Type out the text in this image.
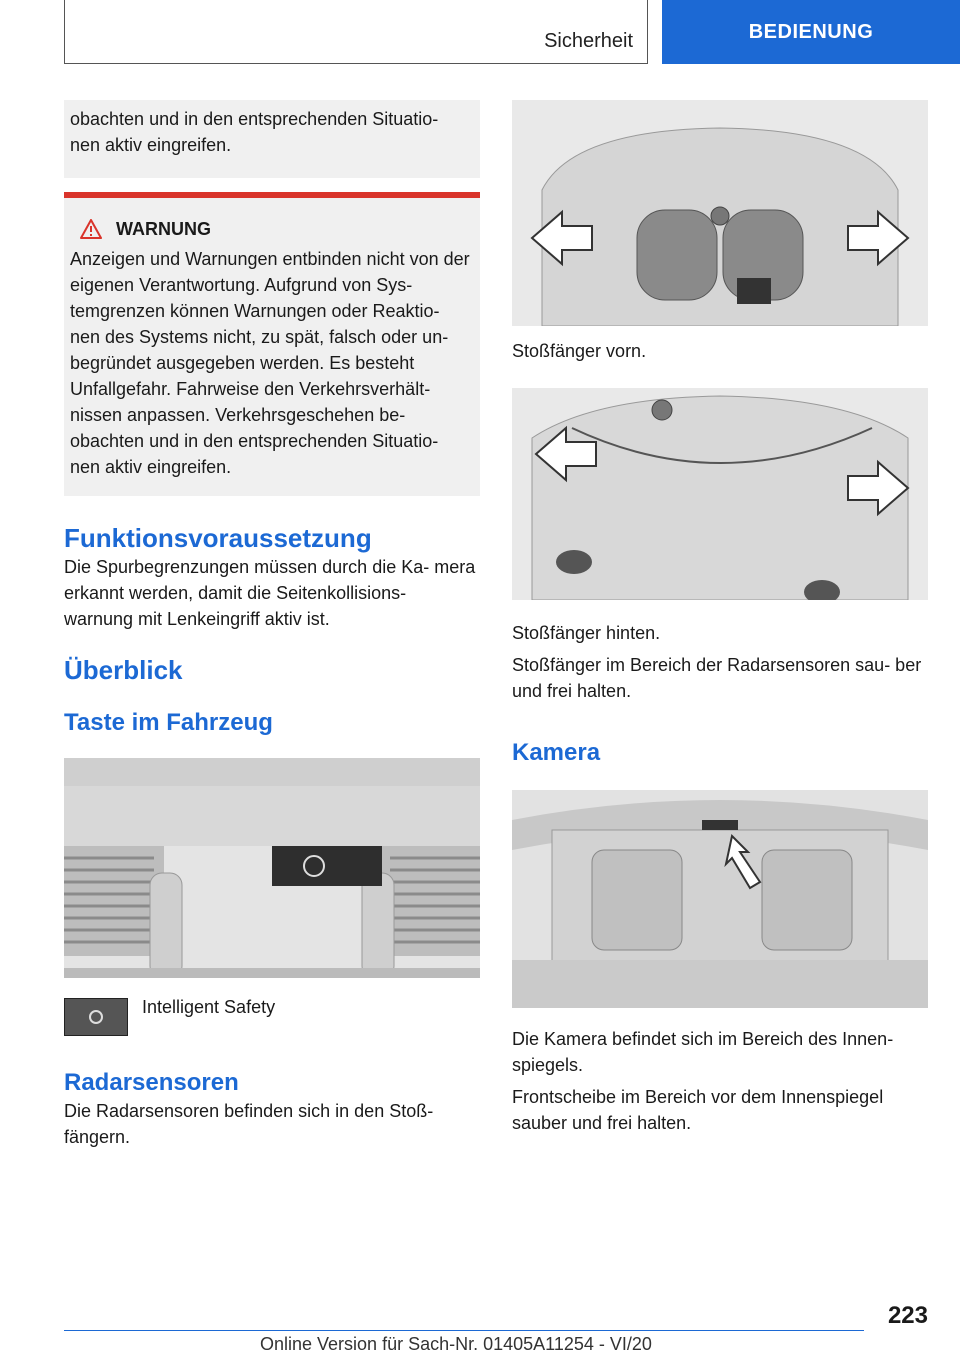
Sicherheit	BEDIENUNG

obachten und in den entsprechenden Situatio- nen aktiv eingreifen.

WARNUNG

Anzeigen und Warnungen entbinden nicht von der eigenen Verantwortung. Aufgrund von Sys- temgrenzen können Warnungen oder Reaktio- nen des Systems nicht, zu spät, falsch oder un- begründet ausgegeben werden. Es besteht Unfallgefahr. Fahrweise den Verkehrsverhält- nissen anpassen. Verkehrsgeschehen be- obachten und in den entsprechenden Situatio- nen aktiv eingreifen.

Funktionsvoraussetzung

Die Spurbegrenzungen müssen durch die Ka- mera erkannt werden, damit die Seitenkollisions- warnung mit Lenkeingriff aktiv ist.

Überblick
Taste im Fahrzeug

Intelligent Safety

Radarsensoren

Die Radarsensoren befinden sich in den Stoß- fängern.

Stoßfänger vorn.

Stoßfänger hinten.

Stoßfänger im Bereich der Radarsensoren sau- ber und frei halten.

Kamera

Die Kamera befindet sich im Bereich des Innen- spiegels.

Frontscheibe im Bereich vor dem Innenspiegel sauber und frei halten.

223
Online Version für Sach-Nr. 01405A11254 - VI/20
